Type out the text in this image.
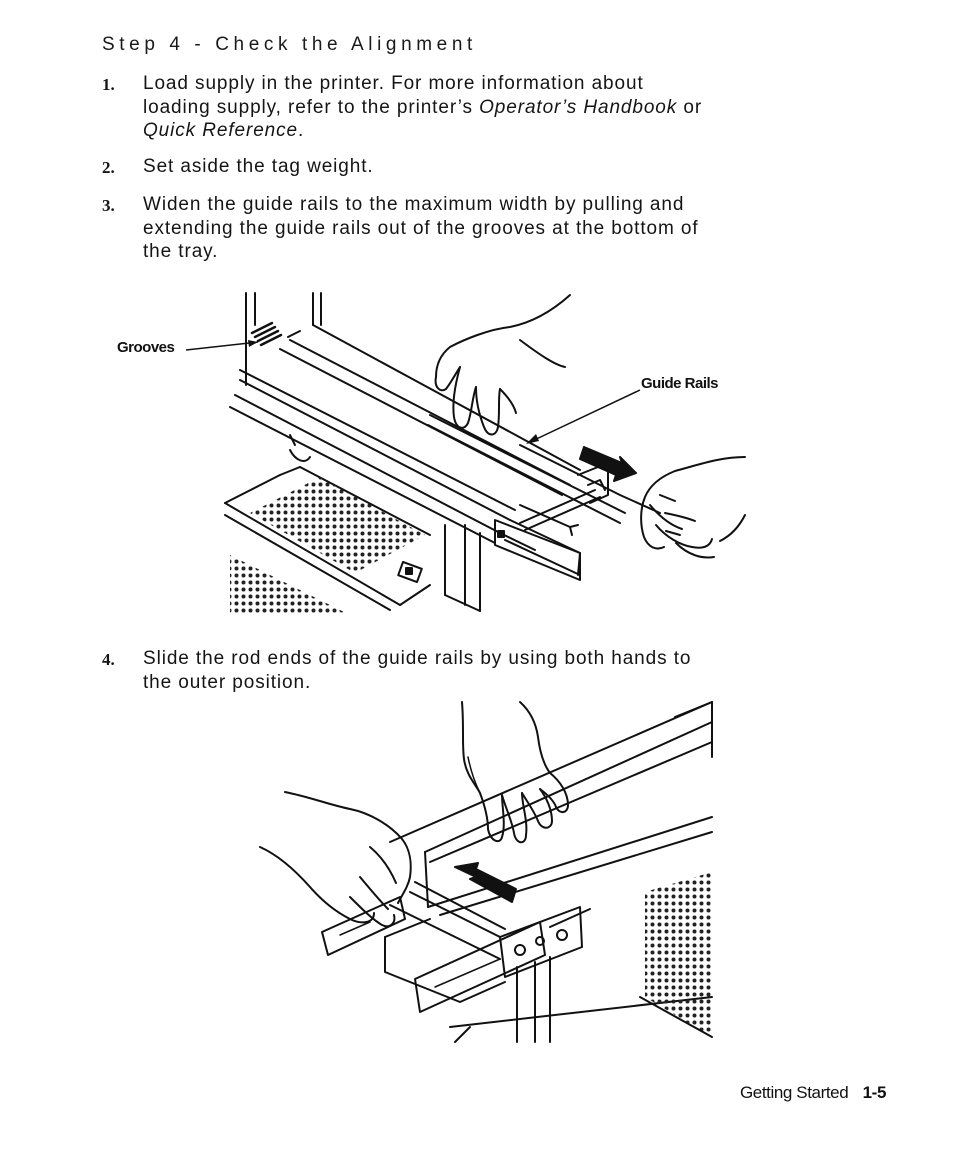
Step 4 - Check the Alignment
1. Load supply in the printer. For more information about
loading supply, refer to the printer’s Operator’s Handbook or
Quick Reference.
2. Set aside the tag weight.
3. Widen the guide rails to the maximum width by pulling and
extending the guide rails out of the grooves at the bottom of
the tray.
Grooves
Guide Rails
4. Slide the rod ends of the guide rails by using both hands to
the outer position.
Getting Started 1-5
